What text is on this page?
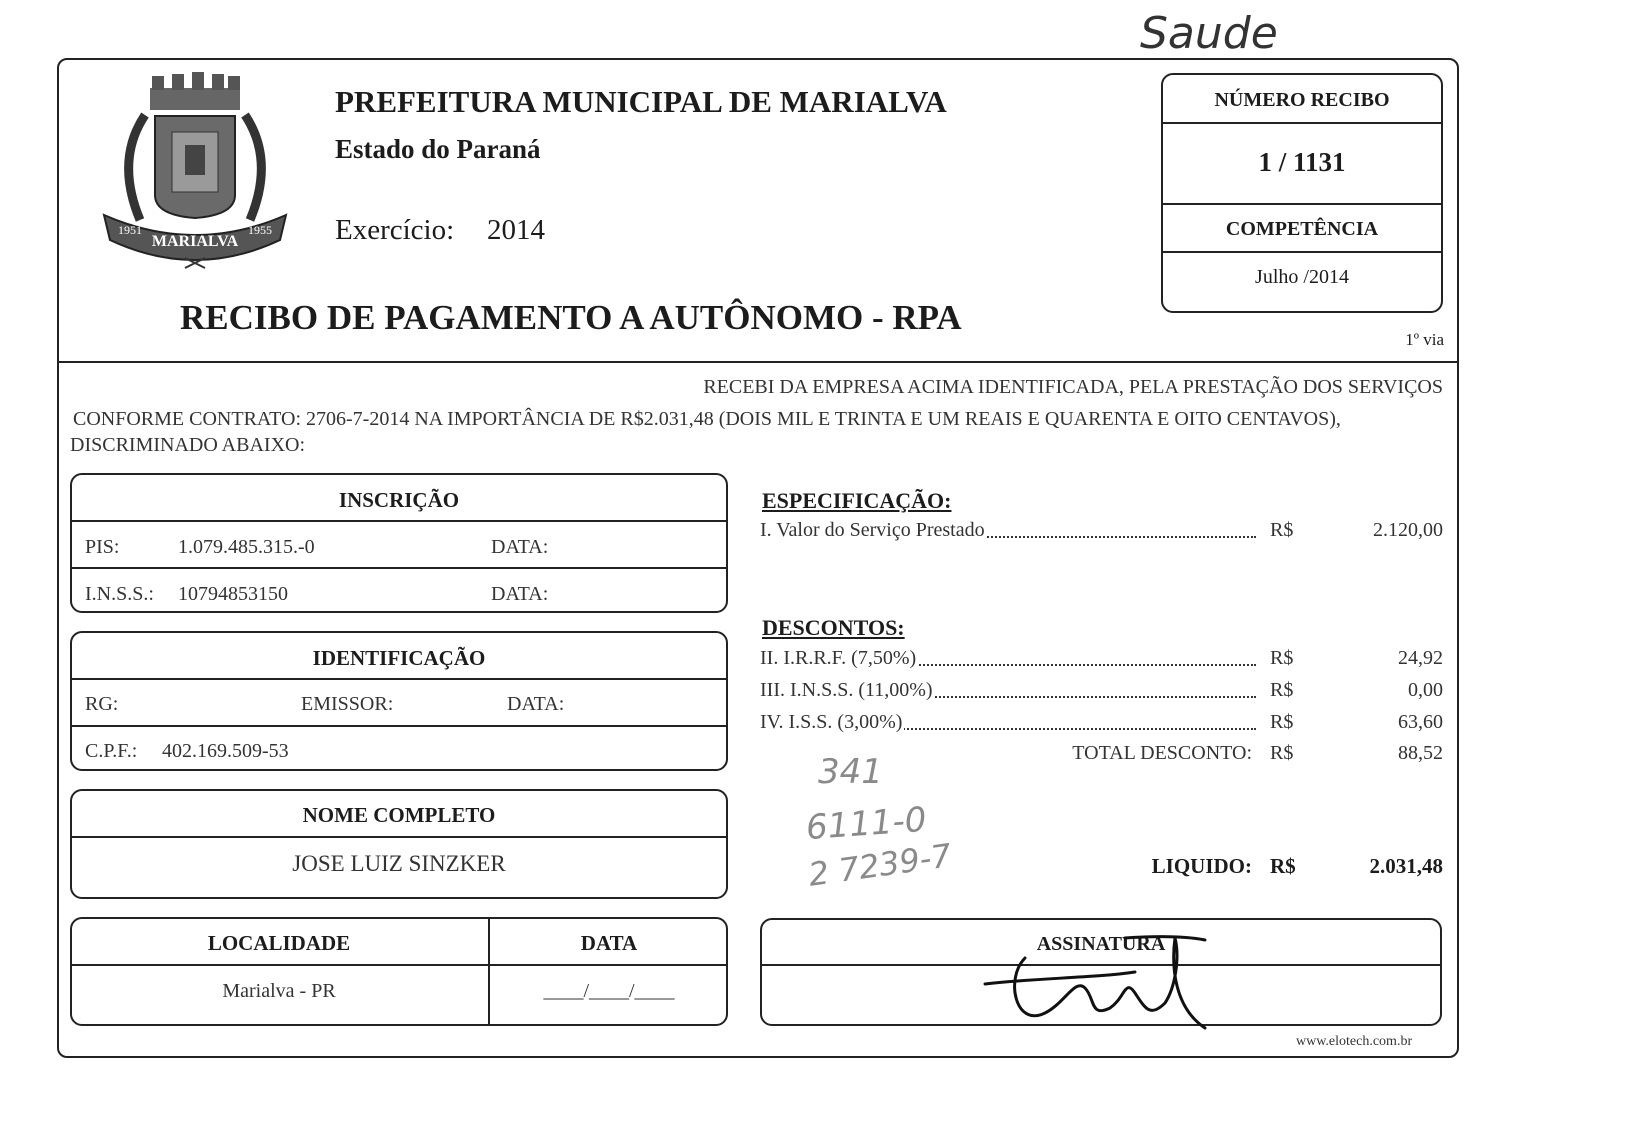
Saude
MARIALVA
1951	1955
PREFEITURA MUNICIPAL DE MARIALVA
Estado do Paraná
Exercício: 2014
RECIBO DE PAGAMENTO A AUTÔNOMO - RPA
NÚMERO RECIBO
1 / 1131
COMPETÊNCIA
Julho /2014
1º via
RECEBI DA EMPRESA ACIMA IDENTIFICADA, PELA PRESTAÇÃO DOS SERVIÇOS
CONFORME CONTRATO: 2706-7-2014 NA IMPORTÂNCIA DE R$2.031,48 (DOIS MIL E TRINTA E UM REAIS E QUARENTA E OITO CENTAVOS),
DISCRIMINADO ABAIXO:
INSCRIÇÃO
PIS:	1.079.485.315.-0	DATA:
I.N.S.S.: 10794853150	DATA:
IDENTIFICAÇÃO
RG:	EMISSOR:	DATA:
C.P.F.: 402.169.509-53
NOME COMPLETO
JOSE LUIZ SINZKER
LOCALIDADE
Marialva - PR
DATA
____/____/____
ESPECIFICAÇÃO:
I. Valor do Serviço Prestado	R$	2.120,00
DESCONTOS:
II. I.R.R.F. (7,50%)	R$	24,92
III. I.N.S.S. (11,00%)	R$	0,00
IV. I.S.S. (3,00%)	R$	63,60
TOTAL DESCONTO: R$	88,52
341
6111-0
2 7239-7	LIQUIDO: R$	2.031,48
ASSINATURA
www.elotech.com.br
